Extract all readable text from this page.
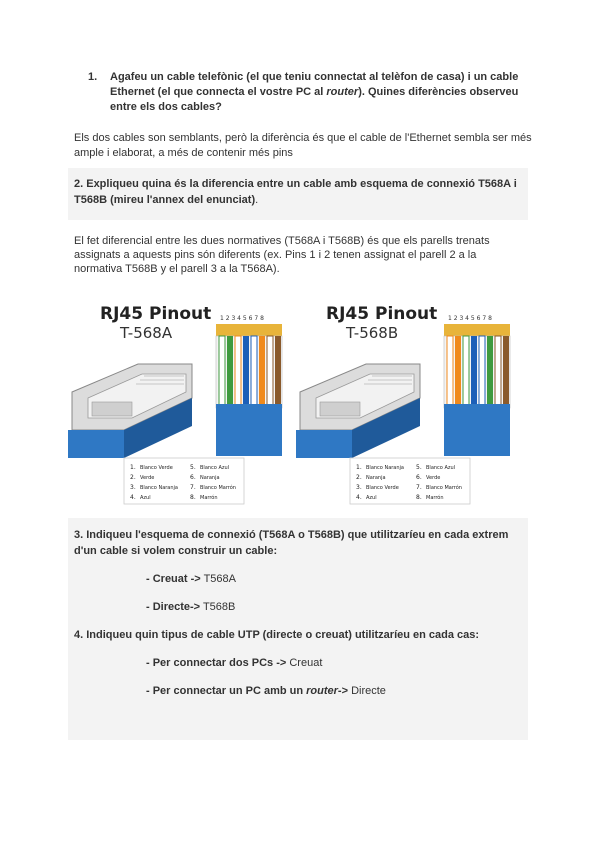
1. Agafeu un cable telefònic (el que teniu connectat al telèfon de casa) i un cable Ethernet (el que connecta el vostre PC al router). Quines diferències observeu entre els dos cables?
Els dos cables son semblants, però la diferència és que el cable de l'Ethernet sembla ser més ample i elaborat, a més de contenir més pins
2. Expliqueu quina és la diferencia entre un cable amb esquema de connexió T568A i T568B (mireu l'annex del enunciat).
El fet diferencial entre les dues normatives (T568A i T568B) és que els parells trenats assignats a aquests pins són diferents (ex. Pins 1 i 2 tenen assignat el parell 2 a la normativa T568B y el parell 3 a la T568A).
RJ45 Pinout
T-568A
1 2 3 4 5 6 7 8
1. Blanco Verde
2. Verde
3. Blanco Naranja
4. Azul
5. Blanco Azul
6. Naranja
7. Blanco Marrón
8. Marrón
RJ45 Pinout
T-568B
1 2 3 4 5 6 7 8
1. Blanco Naranja
2. Naranja
3. Blanco Verde
4. Azul
5. Blanco Azul
6. Verde
7. Blanco Marrón
8. Marrón
3. Indiqueu l'esquema de connexió (T568A o T568B) que utilitzaríeu en cada extrem d'un cable si volem construir un cable:
- Creuat -> T568A
- Directe-> T568B
4. Indiqueu quin tipus de cable UTP (directe o creuat) utilitzaríeu en cada cas:
- Per connectar dos PCs -> Creuat
- Per connectar un PC amb un router-> Directe
